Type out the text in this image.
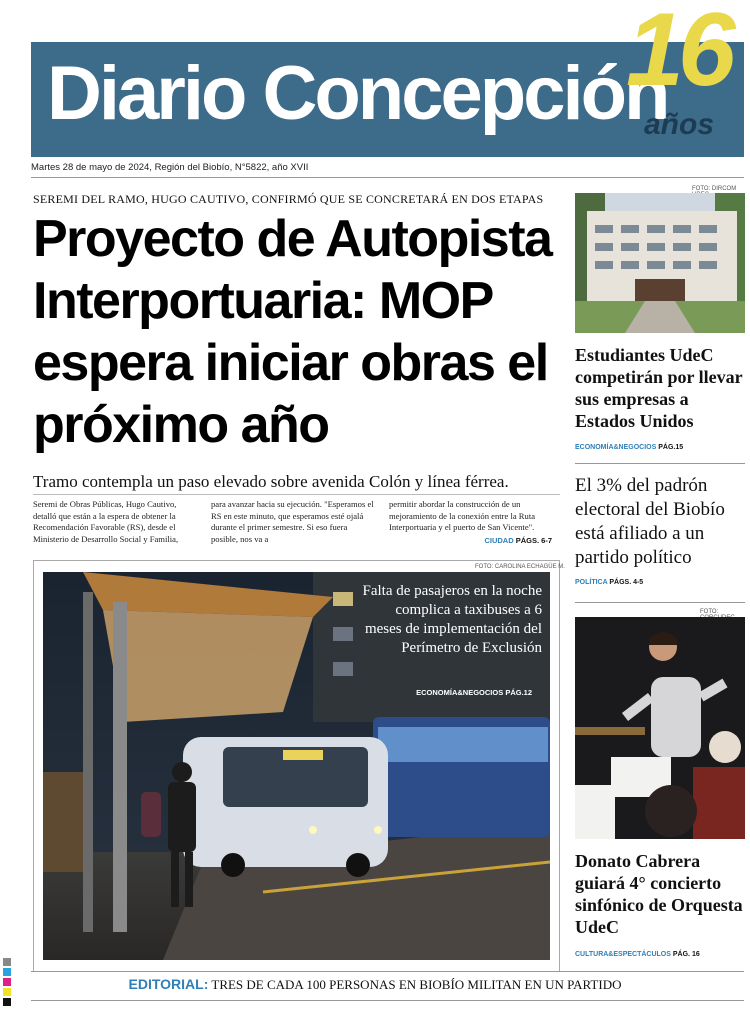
Diario Concepción
16
años
Martes 28 de mayo de 2024, Región del Biobío, N°5822, año XVII
SEREMI DEL RAMO, HUGO CAUTIVO, CONFIRMÓ QUE SE CONCRETARÁ EN DOS ETAPAS
Proyecto de Autopista Interportuaria: MOP espera iniciar obras el próximo año
Tramo contempla un paso elevado sobre avenida Colón y línea férrea.

Seremi de Obras Públicas, Hugo Cautivo, detalló que están a la espera de obtener la Recomendación Favorable (RS), desde el Ministerio de Desarrollo Social y Familia,

para avanzar hacia su ejecución. "Esperamos el RS en este minuto, que esperamos esté ojalá durante el primer semestre. Si eso fuera posible, nos va a

permitir abordar la construcción de un mejoramiento de la conexión entre la Ruta Interportuaria y el puerto de San Vicente".

CIUDAD PÁGS. 6-7
FOTO: CAROLINA ECHAGÜE M.
Falta de pasajeros en la noche complica a taxibuses a 6 meses de implementación del Perímetro de Exclusión
ECONOMÍA&NEGOCIOS PÁG.12
FOTO: DIRCOM
Estudiantes UdeC competirán por llevar sus empresas a Estados Unidos
ECONOMÍA&NEGOCIOS PÁG.15
El 3% del padrón electoral del Biobío está afiliado a un partido político
POLÍTICA PÁGS. 4-5
FOTO:
Donato Cabrera guiará 4° concierto sinfónico de Orquesta UdeC
CULTURA&ESPECTÁCULOS PÁG. 16
EDITORIAL: TRES DE CADA 100 PERSONAS EN BIOBÍO MILITAN EN UN PARTIDO
